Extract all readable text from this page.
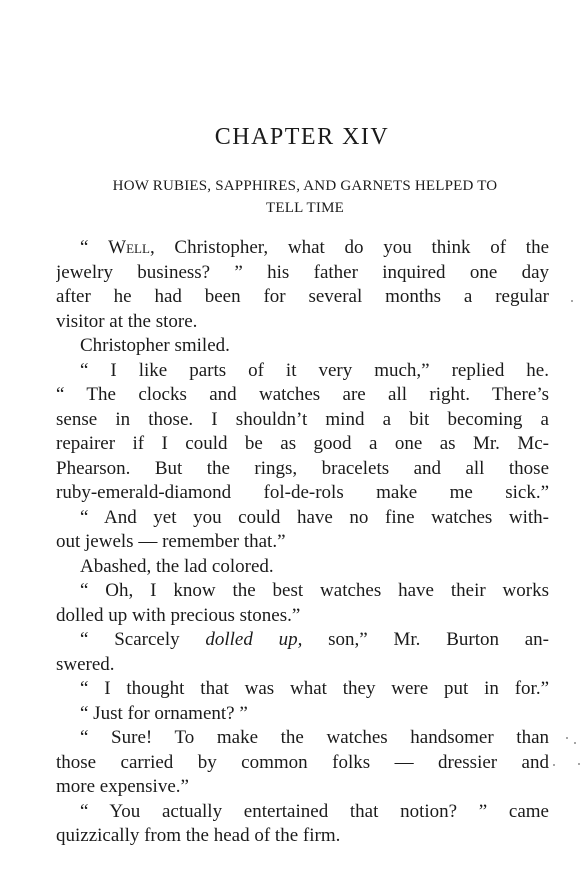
CHAPTER XIV
HOW RUBIES, SAPPHIRES, AND GARNETS HELPED TO
TELL TIME
“ Well, Christopher, what do you think of the
jewelry business? ” his father inquired one day
after he had been for several months a regular
visitor at the store.
Christopher smiled.
“ I like parts of it very much,” replied he.
“ The clocks and watches are all right. There’s
sense in those. I shouldn’t mind a bit becoming a
repairer if I could be as good a one as Mr. Mc-
Phearson. But the rings, bracelets and all those
ruby-emerald-diamond fol-de-rols make me sick.”
“ And yet you could have no fine watches with-
out jewels — remember that.”
Abashed, the lad colored.
“ Oh, I know the best watches have their works
dolled up with precious stones.”
“ Scarcely dolled up, son,” Mr. Burton an-
swered.
“ I thought that was what they were put in for.”
“ Just for ornament? ”
“ Sure! To make the watches handsomer than
those carried by common folks — dressier and
more expensive.”
“ You actually entertained that notion? ” came
quizzically from the head of the firm.
